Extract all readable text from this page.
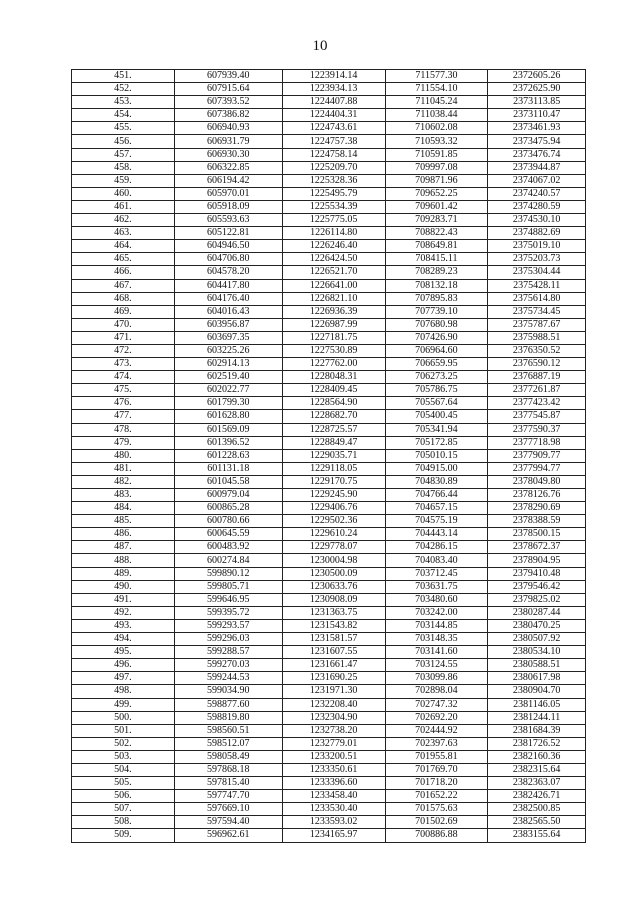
10
451.	607939.40	1223914.14	711577.30	2372605.26
452.	607915.64	1223934.13	711554.10	2372625.90
453.	607393.52	1224407.88	711045.24	2373113.85
454.	607386.82	1224404.31	711038.44	2373110.47
455.	606940.93	1224743.61	710602.08	2373461.93
456.	606931.79	1224757.38	710593.32	2373475.94
457.	606930.30	1224758.14	710591.85	2373476.74
458.	606322.85	1225209.70	709997.08	2373944.87
459.	606194.42	1225328.36	709871.96	2374067.02
460.	605970.01	1225495.79	709652.25	2374240.57
461.	605918.09	1225534.39	709601.42	2374280.59
462.	605593.63	1225775.05	709283.71	2374530.10
463.	605122.81	1226114.80	708822.43	2374882.69
464.	604946.50	1226246.40	708649.81	2375019.10
465.	604706.80	1226424.50	708415.11	2375203.73
466.	604578.20	1226521.70	708289.23	2375304.44
467.	604417.80	1226641.00	708132.18	2375428.11
468.	604176.40	1226821.10	707895.83	2375614.80
469.	604016.43	1226936.39	707739.10	2375734.45
470.	603956.87	1226987.99	707680.98	2375787.67
471.	603697.35	1227181.75	707426.90	2375988.51
472.	603225.26	1227530.89	706964.60	2376350.52
473.	602914.13	1227762.00	706659.95	2376590.12
474.	602519.40	1228048.31	706273.25	2376887.19
475.	602022.77	1228409.45	705786.75	2377261.87
476.	601799.30	1228564.90	705567.64	2377423.42
477.	601628.80	1228682.70	705400.45	2377545.87
478.	601569.09	1228725.57	705341.94	2377590.37
479.	601396.52	1228849.47	705172.85	2377718.98
480.	601228.63	1229035.71	705010.15	2377909.77
481.	601131.18	1229118.05	704915.00	2377994.77
482.	601045.58	1229170.75	704830.89	2378049.80
483.	600979.04	1229245.90	704766.44	2378126.76
484.	600865.28	1229406.76	704657.15	2378290.69
485.	600780.66	1229502.36	704575.19	2378388.59
486.	600645.59	1229610.24	704443.14	2378500.15
487.	600483.92	1229778.07	704286.15	2378672.37
488.	600274.84	1230004.98	704083.40	2378904.95
489.	599890.12	1230500.09	703712.45	2379410.48
490.	599805.71	1230633.76	703631.75	2379546.42
491.	599646.95	1230908.09	703480.60	2379825.02
492.	599395.72	1231363.75	703242.00	2380287.44
493.	599293.57	1231543.82	703144.85	2380470.25
494.	599296.03	1231581.57	703148.35	2380507.92
495.	599288.57	1231607.55	703141.60	2380534.10
496.	599270.03	1231661.47	703124.55	2380588.51
497.	599244.53	1231690.25	703099.86	2380617.98
498.	599034.90	1231971.30	702898.04	2380904.70
499.	598877.60	1232208.40	702747.32	2381146.05
500.	598819.80	1232304.90	702692.20	2381244.11
501.	598560.51	1232738.20	702444.92	2381684.39
502.	598512.07	1232779.01	702397.63	2381726.52
503.	598058.49	1233200.51	701955.81	2382160.36
504.	597868.18	1233350.61	701769.70	2382315.64
505.	597815.40	1233396.60	701718.20	2382363.07
506.	597747.70	1233458.40	701652.22	2382426.71
507.	597669.10	1233530.40	701575.63	2382500.85
508.	597594.40	1233593.02	701502.69	2382565.50
509.	596962.61	1234165.97	700886.88	2383155.64
